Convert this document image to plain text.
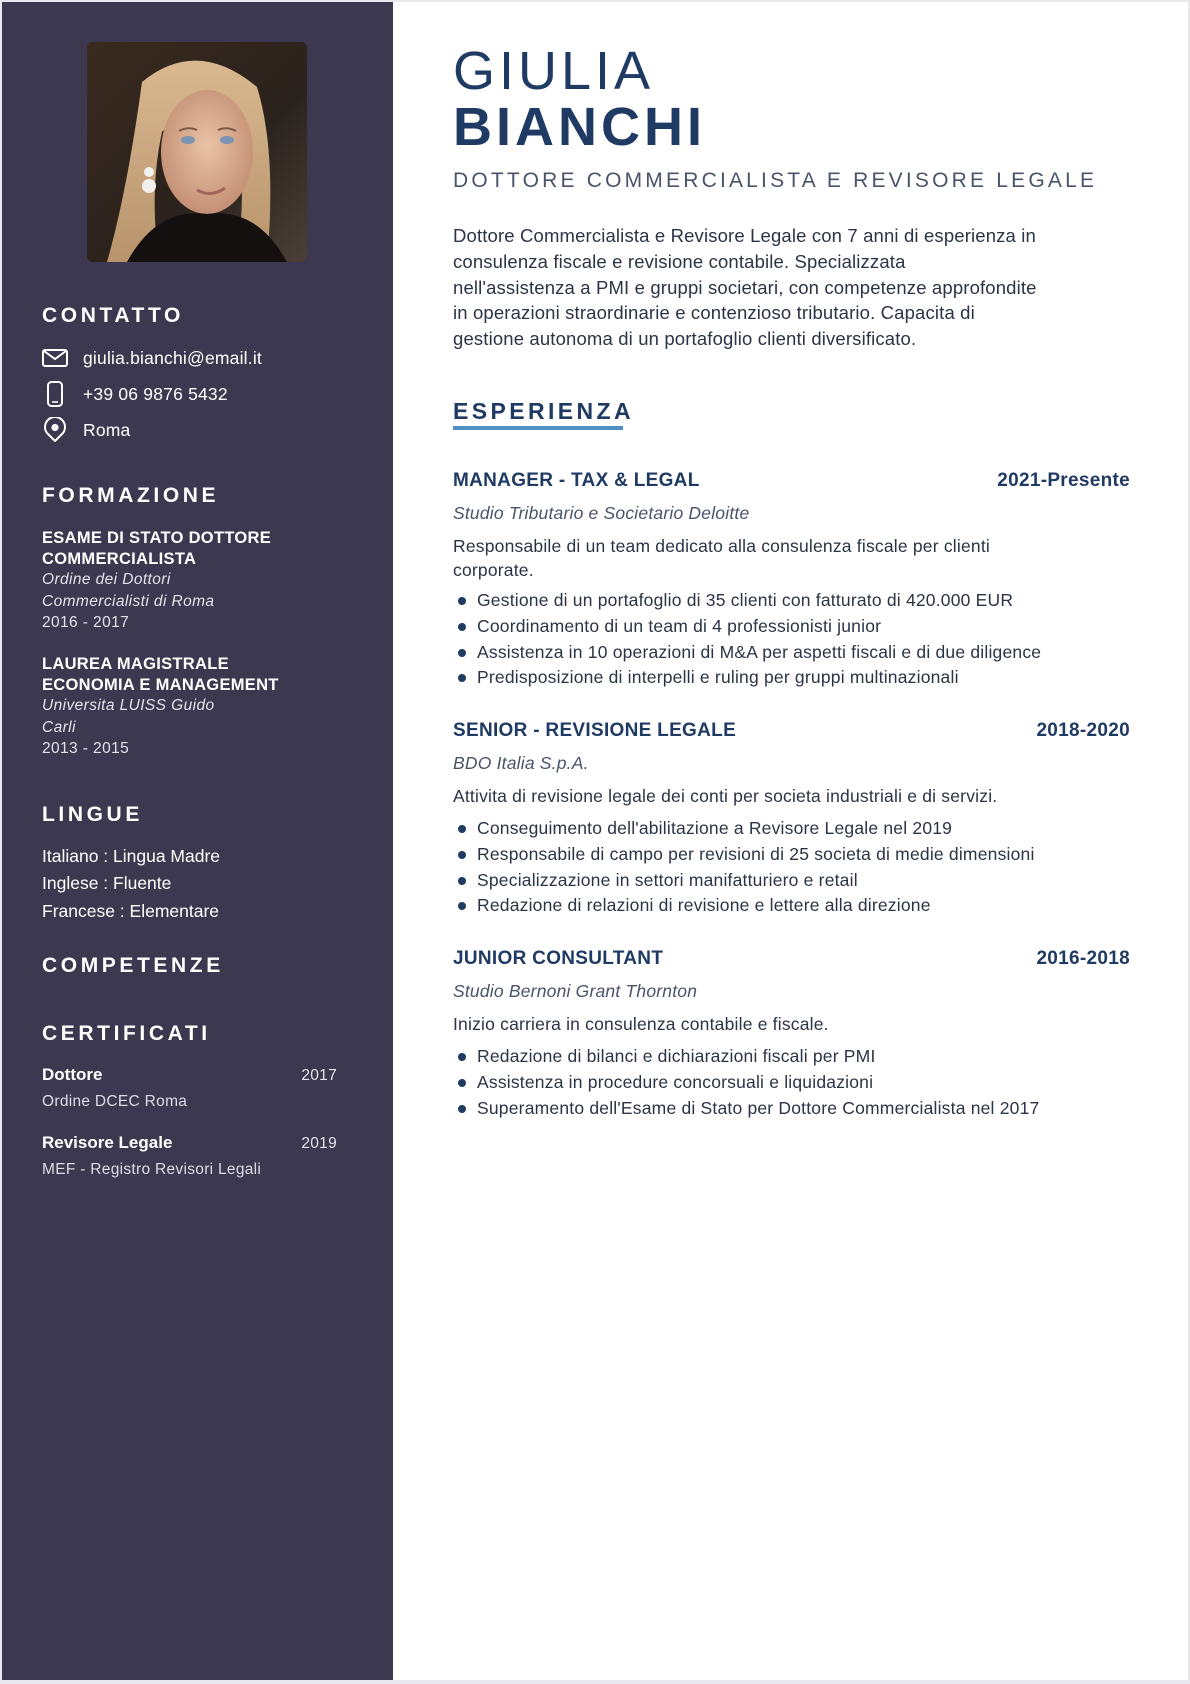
CONTATTO
giulia.bianchi@email.it
+39 06 9876 5432
Roma
FORMAZIONE
ESAME DI STATO DOTTORE
COMMERCIALISTA
Ordine dei Dottori
Commercialisti di Roma
2016 - 2017
LAUREA MAGISTRALE
ECONOMIA E MANAGEMENT
Universita LUISS Guido
Carli
2013 - 2015
LINGUE
Italiano : Lingua Madre
Inglese : Fluente
Francese : Elementare
COMPETENZE
CERTIFICATI
Dottore	2017
Ordine DCEC Roma
Revisore Legale	2019
MEF - Registro Revisori Legali
GIULIA
BIANCHI
DOTTORE COMMERCIALISTA E REVISORE LEGALE

Dottore Commercialista e Revisore Legale con 7 anni di esperienza in
consulenza fiscale e revisione contabile. Specializzata
nell'assistenza a PMI e gruppi societari, con competenze approfondite
in operazioni straordinarie e contenzioso tributario. Capacita di
gestione autonoma di un portafoglio clienti diversificato.

ESPERIENZA
MANAGER - TAX & LEGAL	2021-Presente
Studio Tributario e Societario Deloitte
Responsabile di un team dedicato alla consulenza fiscale per clienti
corporate.
Gestione di un portafoglio di 35 clienti con fatturato di 420.000 EUR
Coordinamento di un team di 4 professionisti junior
Assistenza in 10 operazioni di M&A per aspetti fiscali e di due diligence
Predisposizione di interpelli e ruling per gruppi multinazionali
SENIOR - REVISIONE LEGALE	2018-2020
BDO Italia S.p.A.
Attivita di revisione legale dei conti per societa industriali e di servizi.
Conseguimento dell'abilitazione a Revisore Legale nel 2019
Responsabile di campo per revisioni di 25 societa di medie dimensioni
Specializzazione in settori manifatturiero e retail
Redazione di relazioni di revisione e lettere alla direzione
JUNIOR CONSULTANT	2016-2018
Studio Bernoni Grant Thornton
Inizio carriera in consulenza contabile e fiscale.
Redazione di bilanci e dichiarazioni fiscali per PMI
Assistenza in procedure concorsuali e liquidazioni
Superamento dell'Esame di Stato per Dottore Commercialista nel 2017
